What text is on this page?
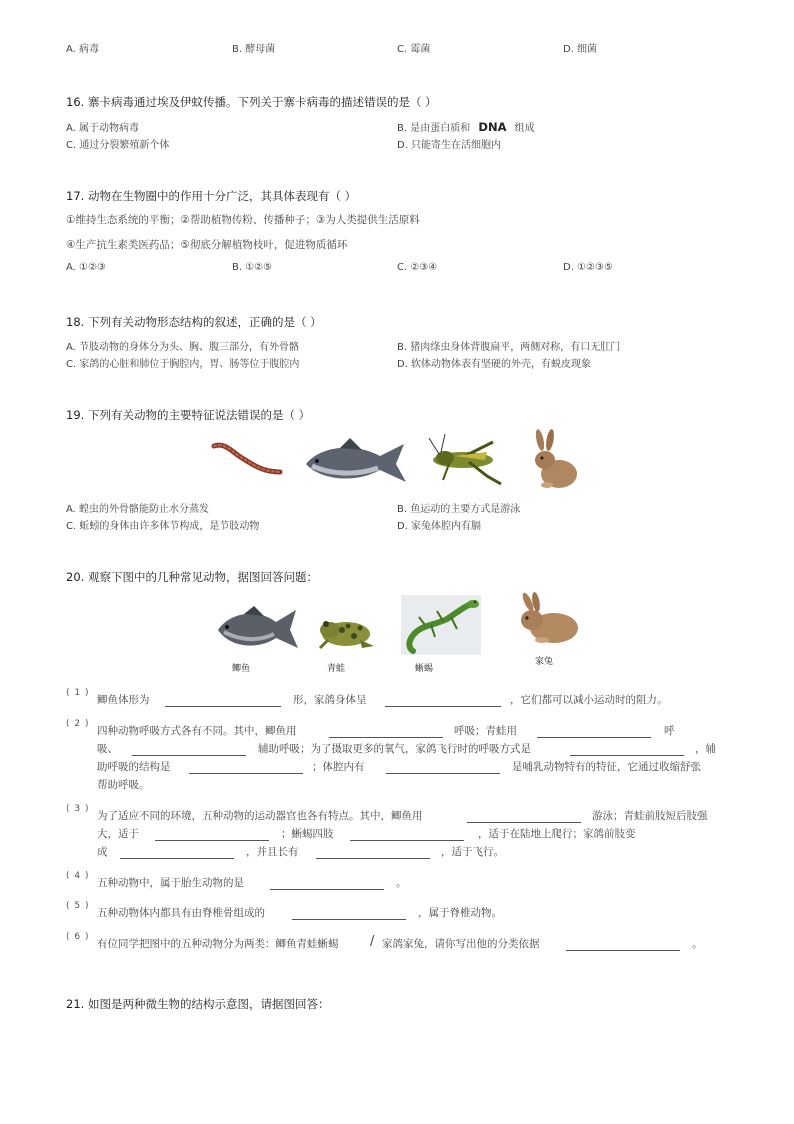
A. 病毒	B. 酵母菌	C. 霉菌	D. 细菌
16. 寨卡病毒通过埃及伊蚊传播。下列关于寨卡病毒的描述错误的是（ ）
A. 属于动物病毒	B. 是由蛋白质和 DNA 组成
C. 通过分裂繁殖新个体	D. 只能寄生在活细胞内
17. 动物在生物圈中的作用十分广泛，其具体表现有（ ）
①维持生态系统的平衡；②帮助植物传粉、传播种子；③为人类提供生活原料
④生产抗生素类医药品；⑤彻底分解植物枝叶，促进物质循环
A. ①②③	B. ①②⑤	C. ②③④	D. ①②③⑤
18. 下列有关动物形态结构的叙述，正确的是（ ）
A. 节肢动物的身体分为头、胸、腹三部分，有外骨骼	B. 猪肉绦虫身体背腹扁平，两侧对称，有口无肛门
C. 家鸽的心脏和肺位于胸腔内，胃、肠等位于腹腔内	D. 软体动物体表有坚硬的外壳，有蜕皮现象
19. 下列有关动物的主要特征说法错误的是（ ）
A. 蝗虫的外骨骼能防止水分蒸发	B. 鱼运动的主要方式是游泳
C. 蚯蚓的身体由许多体节构成，是节肢动物	D. 家兔体腔内有膈
20. 观察下图中的几种常见动物，据图回答问题：
鲫鱼	青蛙	蜥蜴
家兔
( 1 )
鲫鱼体形为	形，家鸽身体呈	，它们都可以减小运动时的阻力。
( 2 )
四种动物呼吸方式各有不同。其中，鲫鱼用	呼吸；青蛙用	呼
吸、	辅助呼吸；为了摄取更多的氧气，家鸽飞行时的呼吸方式是	，辅
助呼吸的结构是	；体腔内有	是哺乳动物特有的特征，它通过收缩舒张
帮助呼吸。
( 3 )
为了适应不同的环境，五种动物的运动器官也各有特点。其中，鲫鱼用	游泳；青蛙前肢短后肢强
大，适于	；蜥蜴四肢	，适于在陆地上爬行；家鸽前肢变
成	，并且长有	，适于飞行。
( 4 )
五种动物中，属于胎生动物的是	。
( 5 )
五种动物体内都具有由脊椎骨组成的	，属于脊椎动物。
( 6 )
有位同学把图中的五种动物分为两类：鲫鱼青蛙蜥蜴 / 家鸽家兔，请你写出他的分类依据	。
21. 如图是两种微生物的结构示意图，请据图回答：
